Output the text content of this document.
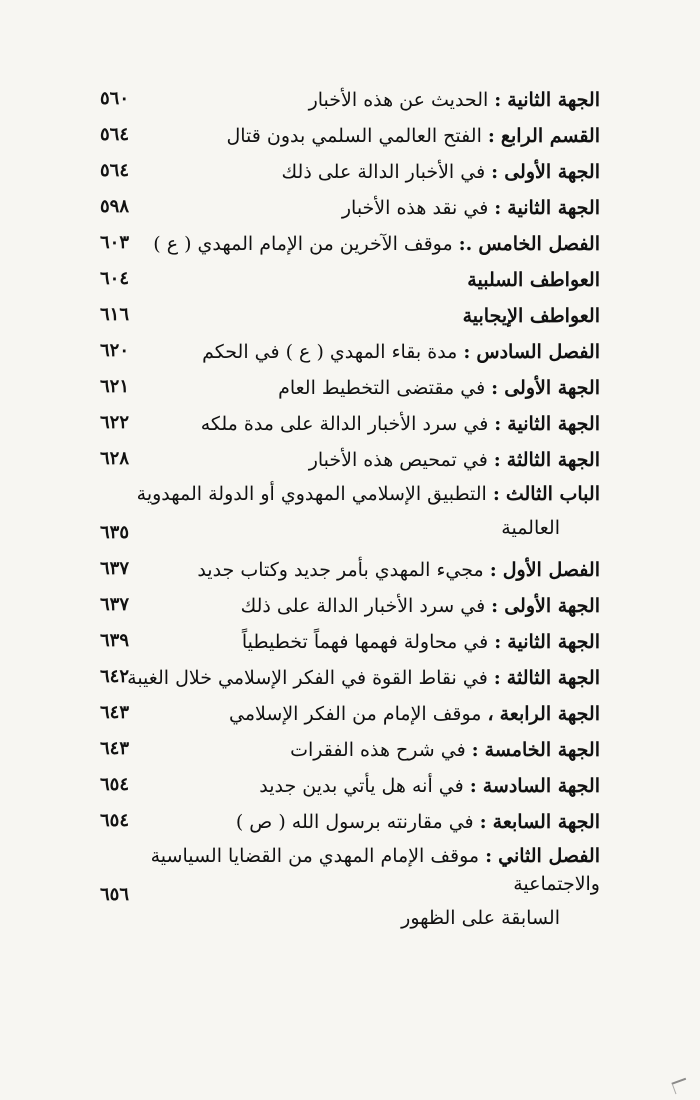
الجهة الثانية:الحديث عن هذه الأخبار
٥٦٠
القسم الرابع:الفتح العالمي السلمي بدون قتال
٥٦٤
الجهة الأولى:في الأخبار الدالة على ذلك
٥٦٤
الجهة الثانية:في نقد هذه الأخبار
٥٩٨
الفصل الخامس.:موقف الآخرين من الإمام المهدي ( ع )
٦٠٣
العواطف السلبية
٦٠٤
العواطف الإيجابية
٦١٦
الفصل السادس:مدة بقاء المهدي ( ع ) في الحكم
٦٢٠
الجهة الأولى:في مقتضى التخطيط العام
٦٢١
الجهة الثانية:في سرد الأخبار الدالة على مدة ملكه
٦٢٢
الجهة الثالثة:في تمحيص هذه الأخبار
٦٢٨
الباب الثالث:التطبيق الإسلامي المهدوي أو الدولة المهدوية
العالمية
٦٣٥
الفصل الأول:مجيء المهدي بأمر جديد وكتاب جديد
٦٣٧
الجهة الأولى:في سرد الأخبار الدالة على ذلك
٦٣٧
الجهة الثانية:في محاولة فهمها فهماً تخطيطياً
٦٣٩
الجهة الثالثة:في نقاط القوة في الفكر الإسلامي خلال الغيبة
٦٤٢
الجهة الرابعة،موقف الإمام من الفكر الإسلامي
٦٤٣
الجهة الخامسة:في شرح هذه الفقرات
٦٤٣
الجهة السادسة:في أنه هل يأتي بدين جديد
٦٥٤
الجهة السابعة:في مقارنته برسول الله ( ص )
٦٥٤
الفصل الثاني:موقف الإمام المهدي من القضايا السياسية والاجتماعية
السابقة على الظهور
٦٥٦
